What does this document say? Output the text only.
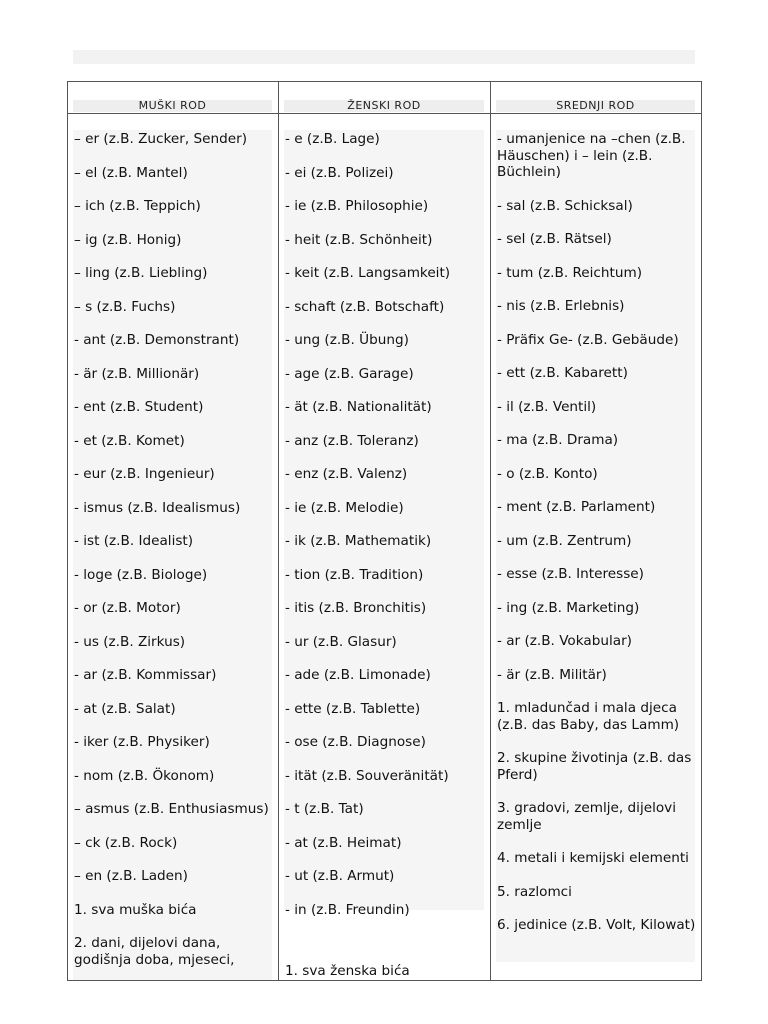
MUŠKI ROD
– er (z.B. Zucker, Sender)
– el (z.B. Mantel)
– ich (z.B. Teppich)
– ig (z.B. Honig)
– ling (z.B. Liebling)
– s (z.B. Fuchs)
- ant (z.B. Demonstrant)
- är (z.B. Millionär)
- ent (z.B. Student)
- et (z.B. Komet)
- eur (z.B. Ingenieur)
- ismus (z.B. Idealismus)
- ist (z.B. Idealist)
- loge (z.B. Biologe)
- or (z.B. Motor)
- us (z.B. Zirkus)
- ar (z.B. Kommissar)
- at (z.B. Salat)
- iker (z.B. Physiker)
- nom (z.B. Ökonom)
– asmus (z.B. Enthusiasmus)
– ck (z.B. Rock)
– en (z.B. Laden)
1. sva muška bića
2. dani, dijelovi dana, godišnja doba, mjeseci,
ŽENSKI ROD
- e (z.B. Lage)
- ei (z.B. Polizei)
- ie (z.B. Philosophie)
- heit (z.B. Schönheit)
- keit (z.B. Langsamkeit)
- schaft (z.B. Botschaft)
- ung (z.B. Übung)
- age (z.B. Garage)
- ät (z.B. Nationalität)
- anz (z.B. Toleranz)
- enz (z.B. Valenz)
- ie (z.B. Melodie)
- ik (z.B. Mathematik)
- tion (z.B. Tradition)
- itis (z.B. Bronchitis)
- ur (z.B. Glasur)
- ade (z.B. Limonade)
- ette (z.B. Tablette)
- ose (z.B. Diagnose)
- ität (z.B. Souveränität)
- t (z.B. Tat)
- at (z.B. Heimat)
- ut (z.B. Armut)
- in (z.B. Freundin)
1. sva ženska bića
SREDNJI ROD
- umanjenice na –chen (z.B. Häuschen) i – lein (z.B. Büchlein)
- sal (z.B. Schicksal)
- sel (z.B. Rätsel)
- tum (z.B. Reichtum)
- nis (z.B. Erlebnis)
- Präfix Ge- (z.B. Gebäude)
- ett (z.B. Kabarett)
- il (z.B. Ventil)
- ma (z.B. Drama)
- o (z.B. Konto)
- ment (z.B. Parlament)
- um (z.B. Zentrum)
- esse (z.B. Interesse)
- ing (z.B. Marketing)
- ar (z.B. Vokabular)
- är (z.B. Militär)
1. mladunčad i mala djeca (z.B. das Baby, das Lamm)
2. skupine životinja (z.B. das Pferd)
3. gradovi, zemlje, dijelovi zemlje
4. metali i kemijski elementi
5. razlomci
6. jedinice (z.B. Volt, Kilowat)
